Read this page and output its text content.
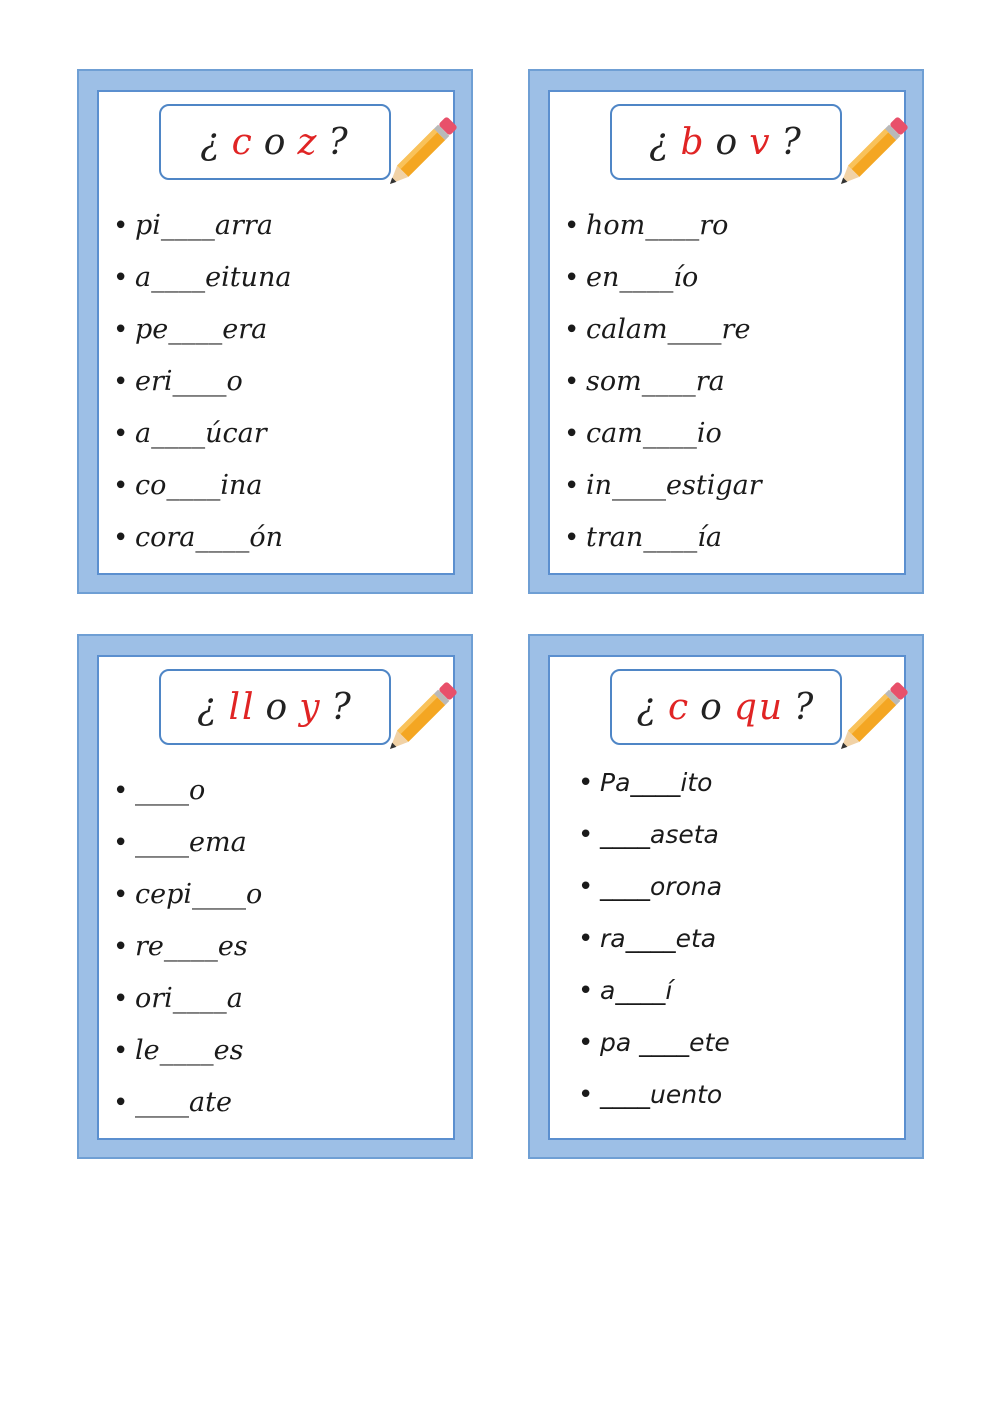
¿ c o z ?
• pi____arra
• a____eituna
• pe____era
• eri____o
• a____úcar
• co____ina
• cora____ón
¿ b o v ?
• hom____ro
• en____ío
• calam____re
• som____ra
• cam____io
• in____estigar
• tran____ía
¿ ll o y ?
• ____o
• ____ema
• cepi____o
• re____es
• ori____a
• le____es
• ____ate
¿ c o qu ?
• Pa____ito
• ____aseta
• ____orona
• ra____eta
• a____í
• pa ____ete
• ____uento
